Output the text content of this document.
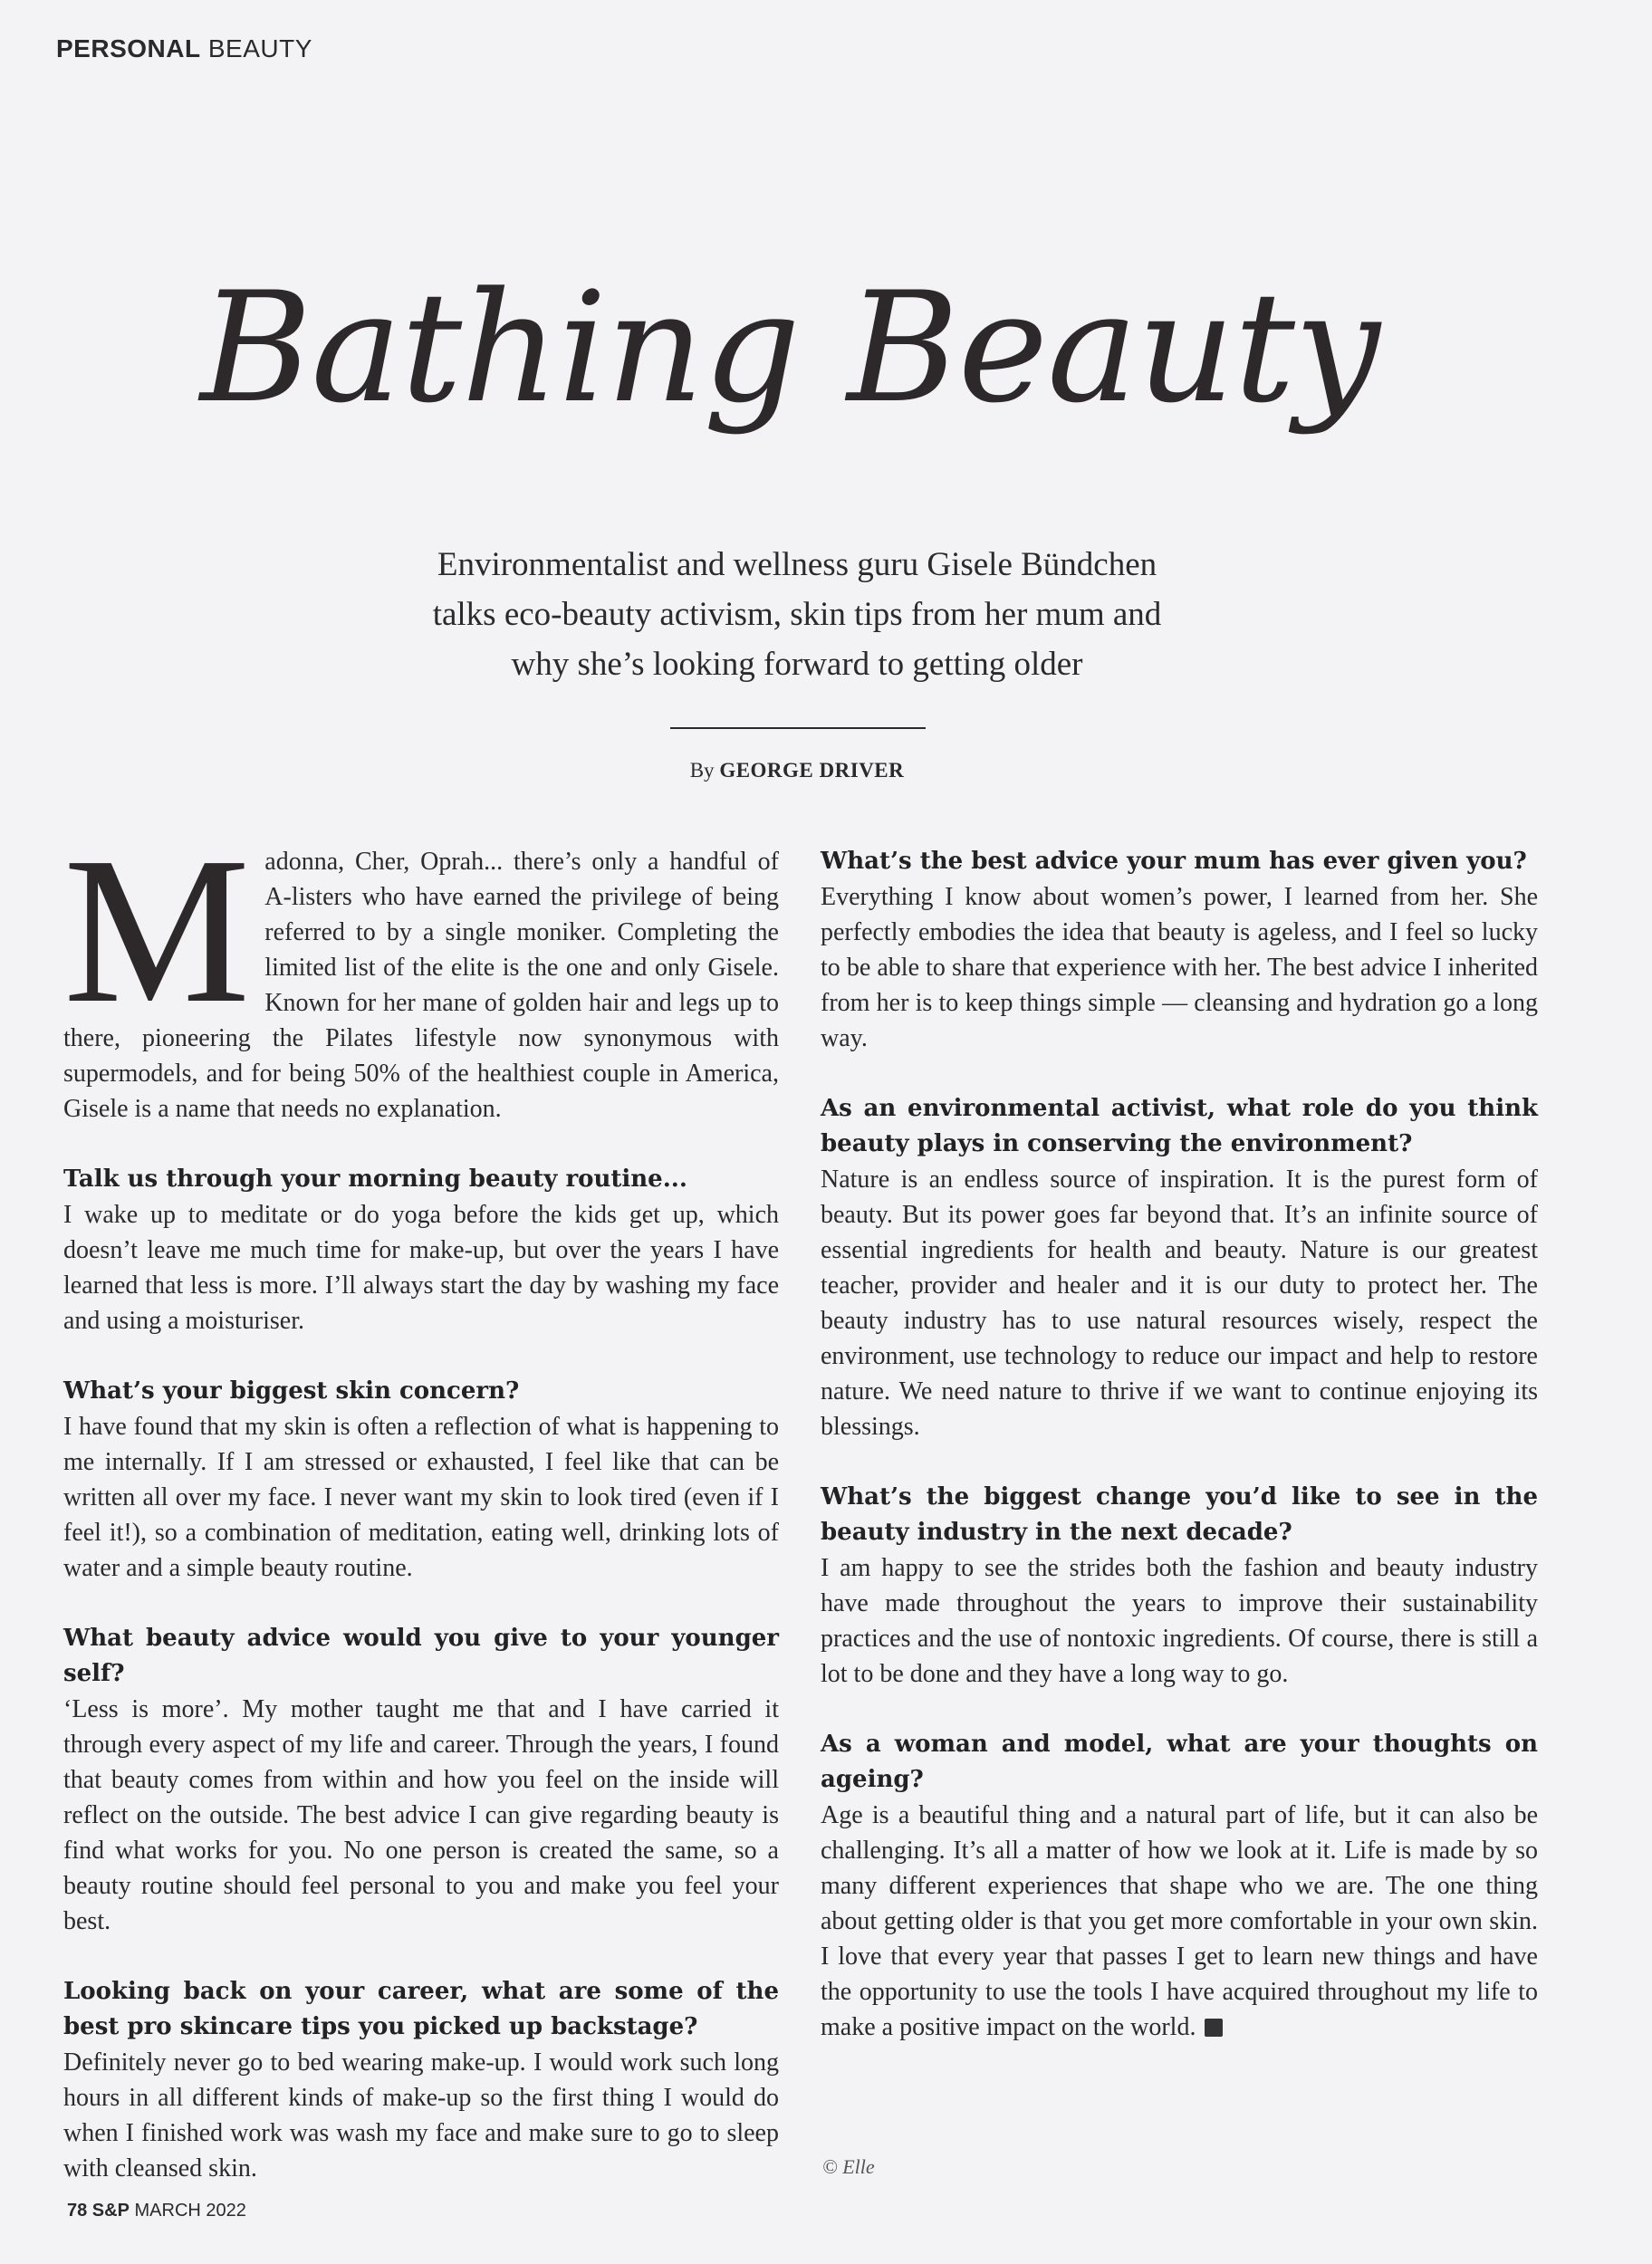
PERSONAL BEAUTY
Bathing Beauty
Environmentalist and wellness guru Gisele Bündchen
talks eco-beauty activism, skin tips from her mum and
why she’s looking forward to getting older
By GEORGE DRIVER
M adonna, Cher, Oprah... there’s only a handful of A-listers who have earned the privilege of being referred to by a single moniker. Completing the limited list of the elite is the one and only Gisele. Known for her mane of golden hair and legs up to there, pioneering the Pilates lifestyle now synonymous with supermodels, and for being 50% of the healthiest couple in America, Gisele is a name that needs no explanation.

Talk us through your morning beauty routine...

I wake up to meditate or do yoga before the kids get up, which doesn’t leave me much time for make-up, but over the years I have learned that less is more. I’ll always start the day by washing my face and using a moisturiser.

What’s your biggest skin concern?

I have found that my skin is often a reflection of what is happening to me internally. If I am stressed or exhausted, I feel like that can be written all over my face. I never want my skin to look tired (even if I feel it!), so a combination of meditation, eating well, drinking lots of water and a simple beauty routine.

What beauty advice would you give to your younger self?

‘Less is more’. My mother taught me that and I have carried it through every aspect of my life and career. Through the years, I found that beauty comes from within and how you feel on the inside will reflect on the outside. The best advice I can give regarding beauty is find what works for you. No one person is created the same, so a beauty routine should feel personal to you and make you feel your best.

Looking back on your career, what are some of the best pro skincare tips you picked up backstage?

Definitely never go to bed wearing make-up. I would work such long hours in all different kinds of make-up so the first thing I would do when I finished work was wash my face and make sure to go to sleep with cleansed skin.

What’s the best advice your mum has ever given you?

Everything I know about women’s power, I learned from her. She perfectly embodies the idea that beauty is ageless, and I feel so lucky to be able to share that experience with her. The best advice I inherited from her is to keep things simple — cleansing and hydration go a long way.

As an environmental activist, what role do you think beauty plays in conserving the environment?

Nature is an endless source of inspiration. It is the purest form of beauty. But its power goes far beyond that. It’s an infinite source of essential ingredients for health and beauty. Nature is our greatest teacher, provider and healer and it is our duty to protect her. The beauty industry has to use natural resources wisely, respect the environment, use technology to reduce our impact and help to restore nature. We need nature to thrive if we want to continue enjoying its blessings.

What’s the biggest change you’d like to see in the beauty industry in the next decade?

I am happy to see the strides both the fashion and beauty industry have made throughout the years to improve their sustainability practices and the use of nontoxic ingredients. Of course, there is still a lot to be done and they have a long way to go.

As a woman and model, what are your thoughts on ageing?

Age is a beautiful thing and a natural part of life, but it can also be challenging. It’s all a matter of how we look at it. Life is made by so many different experiences that shape who we are. The one thing about getting older is that you get more comfortable in your own skin. I love that every year that passes I get to learn new things and have the opportunity to use the tools I have acquired throughout my life to make a positive impact on the world.

© Elle
78 S&P MARCH 2022
